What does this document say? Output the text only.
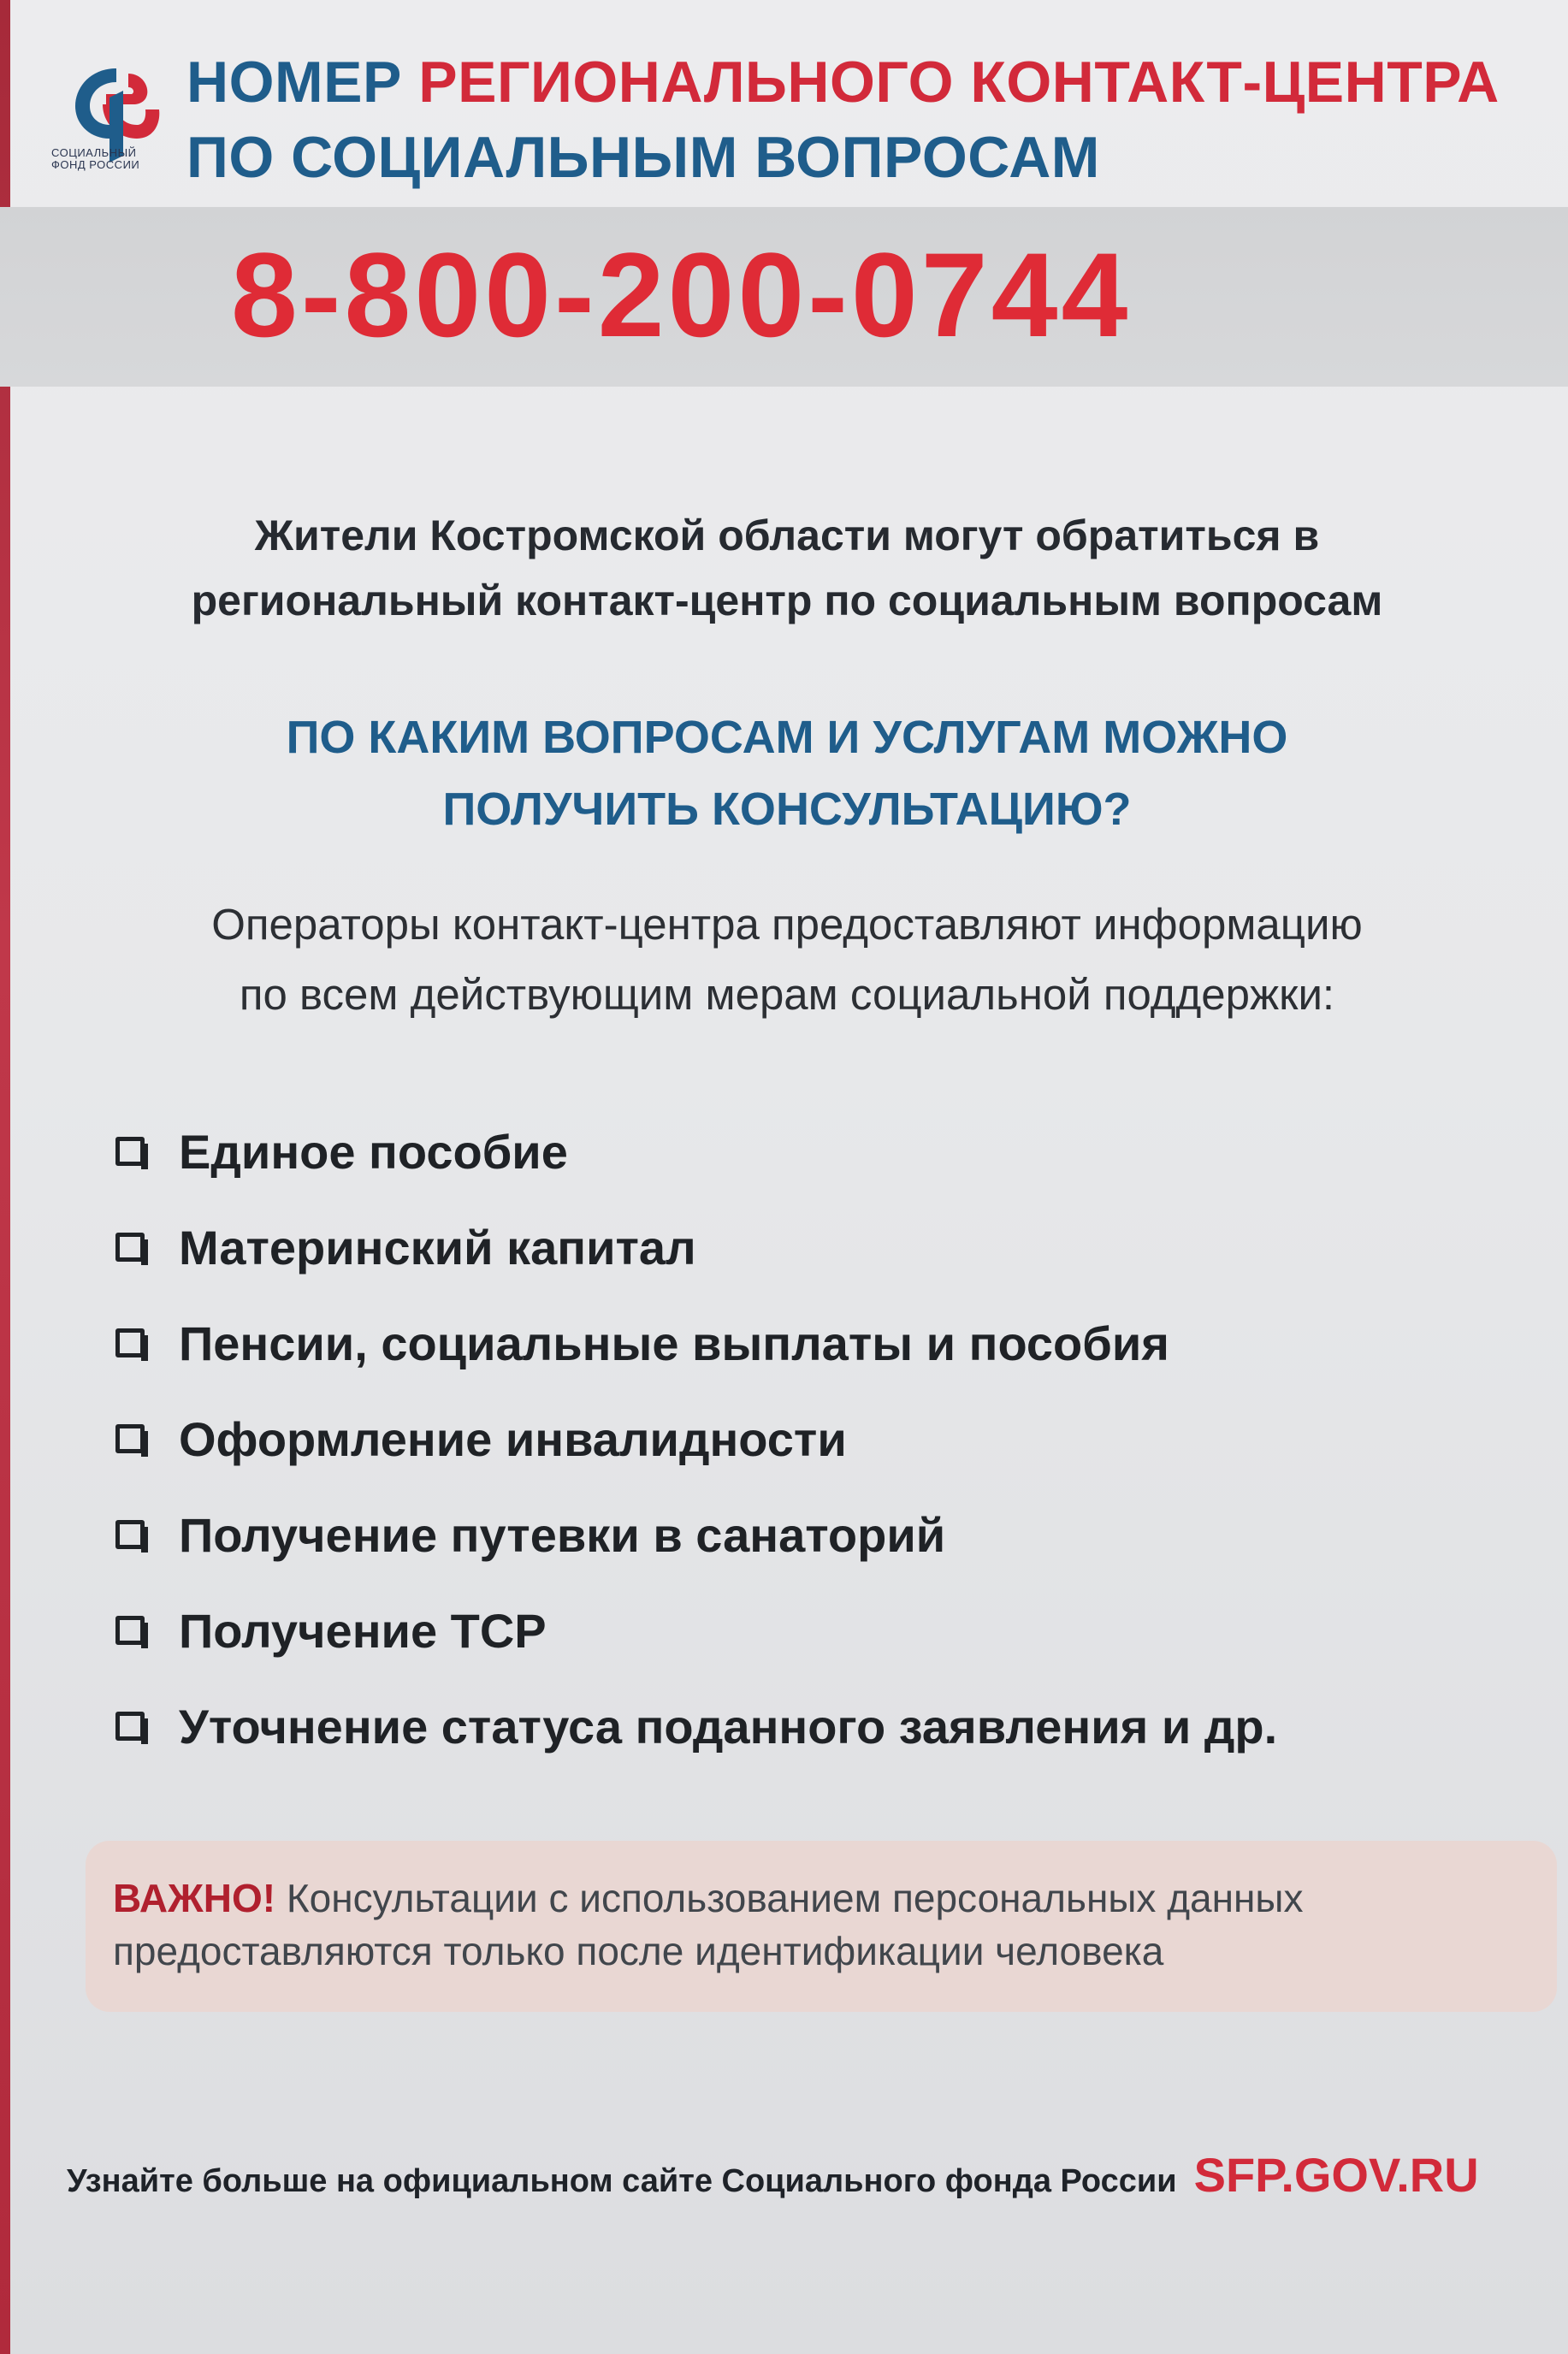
СОЦИАЛЬНЫЙ
ФОНД РОССИИ
НОМЕР РЕГИОНАЛЬНОГО КОНТАКТ-ЦЕНТРА
ПО СОЦИАЛЬНЫМ ВОПРОСАМ
8-800-200-0744
Жители Костромской области могут обратиться в
региональный контакт-центр по социальным вопросам
ПО КАКИМ ВОПРОСАМ И УСЛУГАМ МОЖНО
ПОЛУЧИТЬ КОНСУЛЬТАЦИЮ?
Операторы контакт-центра предоставляют информацию
по всем действующим мерам социальной поддержки:
Единое пособие
Материнский капитал
Пенсии, социальные выплаты и пособия
Оформление инвалидности
Получение путевки в санаторий
Получение ТСР
Уточнение статуса поданного заявления и др.
ВАЖНО! Консультации с использованием персональных данных
предоставляются только после идентификации человека
Узнайте больше на официальном сайте Социального фонда России SFP.GOV.RU
